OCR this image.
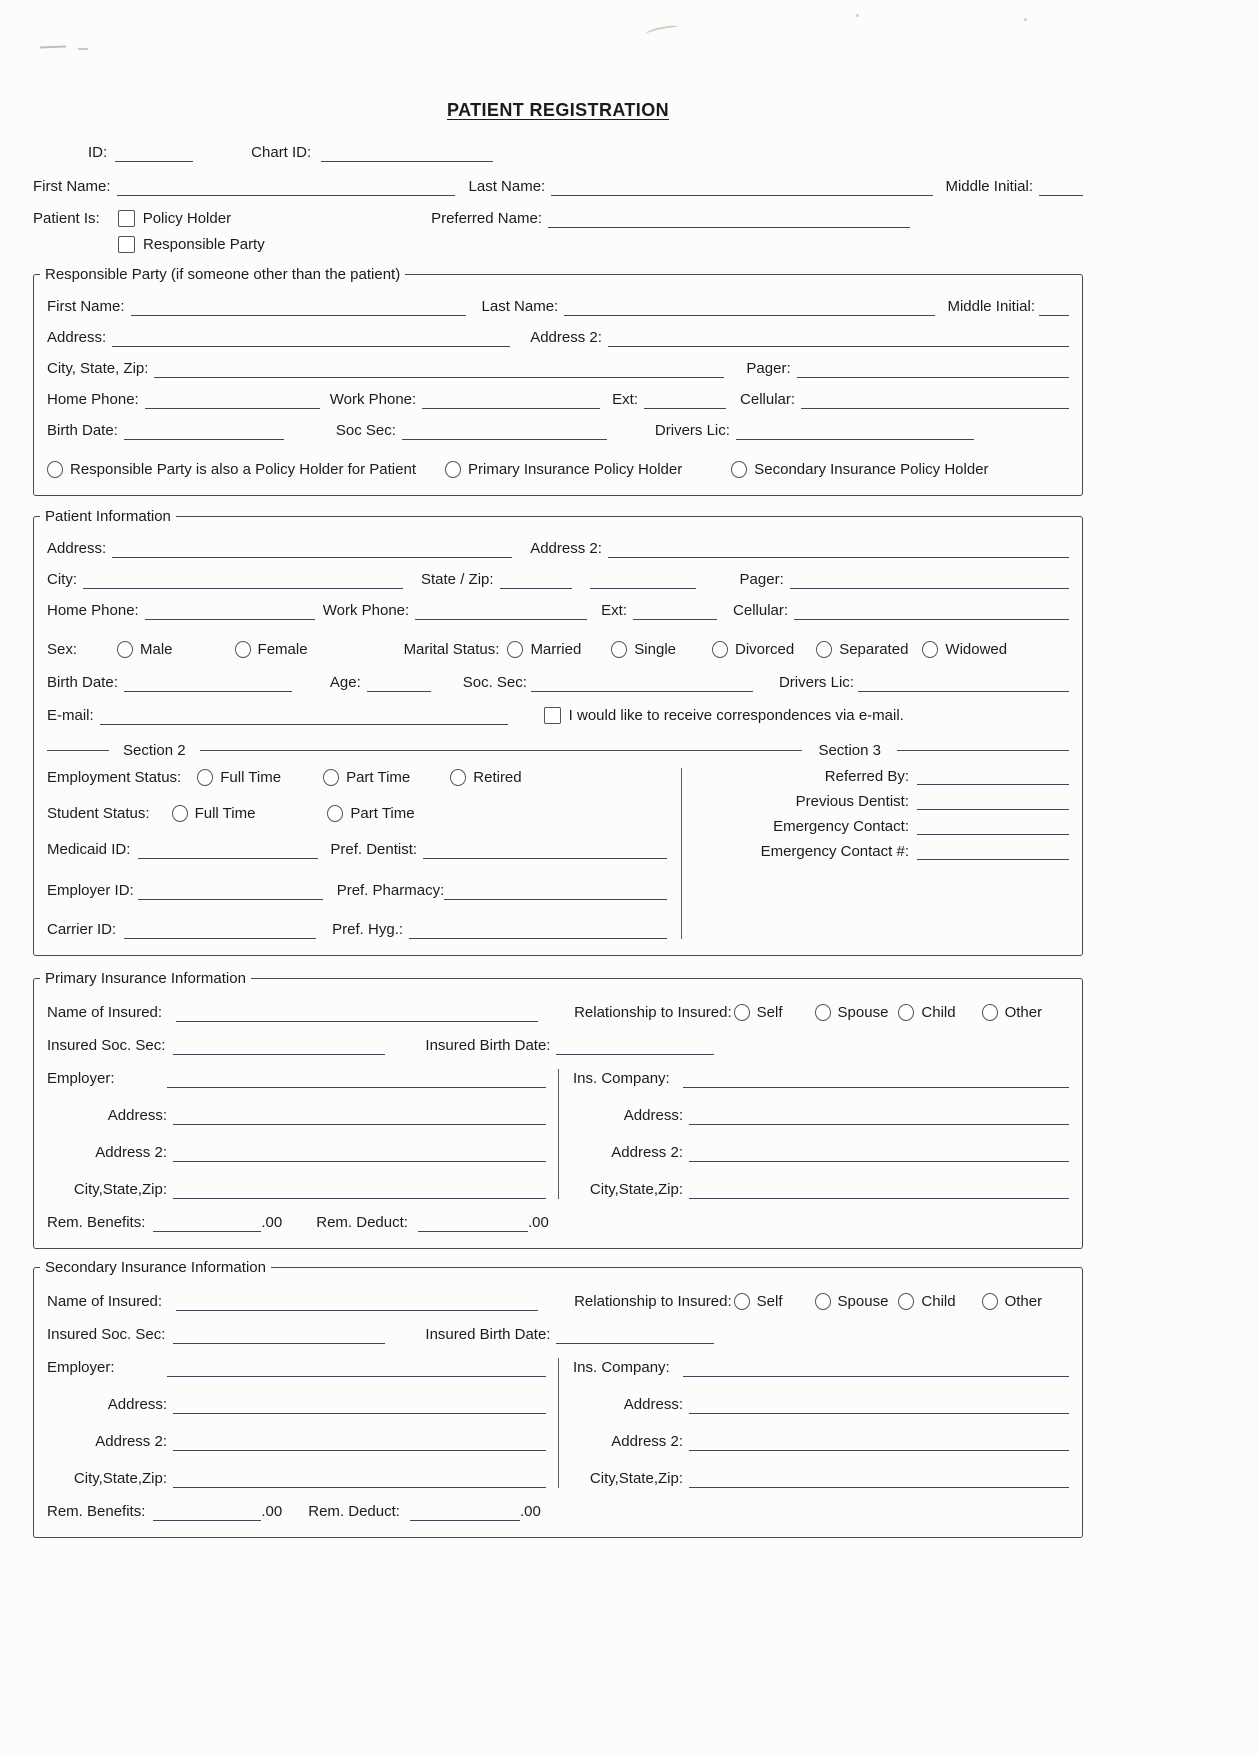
PATIENT REGISTRATION
ID:	Chart ID:
First Name:	Last Name:	Middle Initial:
Patient Is:	Policy Holder	Preferred Name:
Responsible Party
Responsible Party (if someone other than the patient)
First Name:	Last Name:	Middle Initial:
Address:	Address 2:
City, State, Zip:	Pager:
Home Phone:	Work Phone:	Ext:	Cellular:
Birth Date:	Soc Sec:	Drivers Lic:
Responsible Party is also a Policy Holder for Patient	Primary Insurance Policy Holder	Secondary Insurance Policy Holder
Patient Information
Address:	Address 2:
City:	State / Zip:	Pager:
Home Phone:	Work Phone:	Ext:	Cellular:
Sex:	Male	Female	Marital Status: Married	Single	Divorced	Separated Widowed
Birth Date:	Age:	Soc. Sec:	Drivers Lic:
E-mail:	I would like to receive correspondences via e-mail.
Section 2	Section 3
Employment Status:	Full Time	Part Time	Retired
Student Status:	Full Time	Part Time
Medicaid ID:	Pref. Dentist:
Employer ID:	Pref. Pharmacy:
Carrier ID:	Pref. Hyg.:
Referred By:
Previous Dentist:
Emergency Contact:
Emergency Contact #:
Primary Insurance Information
Name of Insured:	Relationship to Insured: Self	Spouse Child	Other
Insured Soc. Sec:	Insured Birth Date:
Employer:
Address:
Address 2:
City,State,Zip:
Ins. Company:
Address:
Address 2:
City,State,Zip:
Rem. Benefits:	.00 Rem. Deduct:	.00
Secondary Insurance Information
Name of Insured:	Relationship to Insured: Self	Spouse Child	Other
Insured Soc. Sec:	Insured Birth Date:
Employer:
Address:
Address 2:
City,State,Zip:
Ins. Company:
Address:
Address 2:
City,State,Zip:
Rem. Benefits:	.00 Rem. Deduct:	.00
